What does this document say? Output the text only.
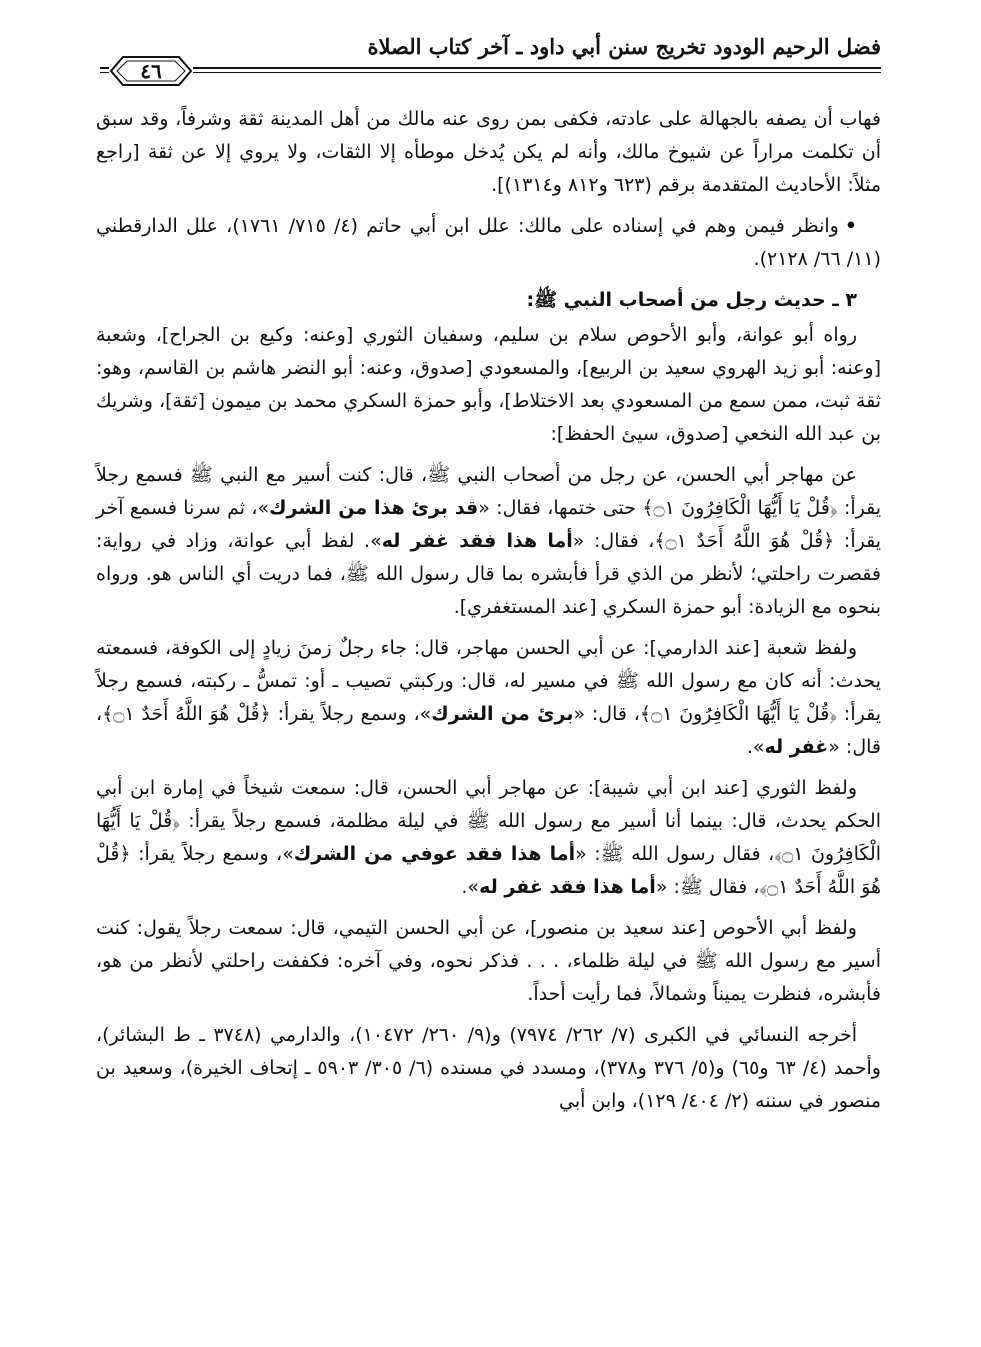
فضل الرحيم الودود تخريج سنن أبي داود ـ آخر كتاب الصلاة
٤٦

فهاب أن يصفه بالجهالة على عادته، فكفى بمن روى عنه مالك من أهل المدينة ثقة وشرفاً، وقد سبق أن تكلمت مراراً عن شيوخ مالك، وأنه لم يكن يُدخل موطأه إلا الثقات، ولا يروي إلا عن ثقة [راجع مثلاً: الأحاديث المتقدمة برقم (٦٢٣ و٨١٢ و١٣١٤)].

•وانظر فيمن وهم في إسناده على مالك: علل ابن أبي حاتم (٤/ ٧١٥/ ١٧٦١)، علل الدارقطني (١١/ ٦٦/ ٢١٢٨).

٣ ـ حديث رجل من أصحاب النبي ﷺ:

رواه أبو عوانة، وأبو الأحوص سلام بن سليم، وسفيان الثوري [وعنه: وكيع بن الجراح]، وشعبة [وعنه: أبو زيد الهروي سعيد بن الربيع]، والمسعودي [صدوق، وعنه: أبو النضر هاشم بن القاسم، وهو: ثقة ثبت، ممن سمع من المسعودي بعد الاختلاط]، وأبو حمزة السكري محمد بن ميمون [ثقة]، وشريك بن عبد الله النخعي [صدوق، سيئ الحفظ]:

عن مهاجر أبي الحسن، عن رجل من أصحاب النبي ﷺ، قال: كنت أسير مع النبي ﷺ فسمع رجلاً يقرأ: ﴿قُلْ يَا أَيُّهَا الْكَافِرُونَ ۝١﴾ حتى ختمها، فقال: «قد برئ هذا من الشرك»، ثم سرنا فسمع آخر يقرأ: ﴿قُلْ هُوَ اللَّهُ أَحَدٌ ۝١﴾، فقال: «أما هذا فقد غفر له». لفظ أبي عوانة، وزاد في رواية: فقصرت راحلتي؛ لأنظر من الذي قرأ فأبشره بما قال رسول الله ﷺ، فما دريت أي الناس هو. ورواه بنحوه مع الزيادة: أبو حمزة السكري [عند المستغفري].

ولفظ شعبة [عند الدارمي]: عن أبي الحسن مهاجر، قال: جاء رجلٌ زمنَ زيادٍ إلى الكوفة، فسمعته يحدث: أنه كان مع رسول الله ﷺ في مسير له، قال: وركبتي تصيب ـ أو: تمسُّ ـ ركبته، فسمع رجلاً يقرأ: ﴿قُلْ يَا أَيُّهَا الْكَافِرُونَ ۝١﴾، قال: «برئ من الشرك»، وسمع رجلاً يقرأ: ﴿قُلْ هُوَ اللَّهُ أَحَدٌ ۝١﴾، قال: «غفر له».

ولفظ الثوري [عند ابن أبي شيبة]: عن مهاجر أبي الحسن، قال: سمعت شيخاً في إمارة ابن أبي الحكم يحدث، قال: بينما أنا أسير مع رسول الله ﷺ في ليلة مظلمة، فسمع رجلاً يقرأ: ﴿قُلْ يَا أَيُّهَا الْكَافِرُونَ ۝١﴾، فقال رسول الله ﷺ: «أما هذا فقد عوفي من الشرك»، وسمع رجلاً يقرأ: ﴿قُلْ هُوَ اللَّهُ أَحَدٌ ۝١﴾، فقال ﷺ: «أما هذا فقد غفر له».

ولفظ أبي الأحوص [عند سعيد بن منصور]، عن أبي الحسن التيمي، قال: سمعت رجلاً يقول: كنت أسير مع رسول الله ﷺ في ليلة ظلماء، . . . فذكر نحوه، وفي آخره: فكففت راحلتي لأنظر من هو، فأبشره، فنظرت يميناً وشمالاً، فما رأيت أحداً.

أخرجه النسائي في الكبرى (٧/ ٢٦٢/ ٧٩٧٤) و(٩/ ٢٦٠/ ١٠٤٧٢)، والدارمي (٣٧٤٨ ـ ط البشائر)، وأحمد (٤/ ٦٣ و٦٥) و(٥/ ٣٧٦ و٣٧٨)، ومسدد في مسنده (٦/ ٣٠٥/ ٥٩٠٣ ـ إتحاف الخيرة)، وسعيد بن منصور في سننه (٢/ ٤٠٤/ ١٢٩)، وابن أبي
